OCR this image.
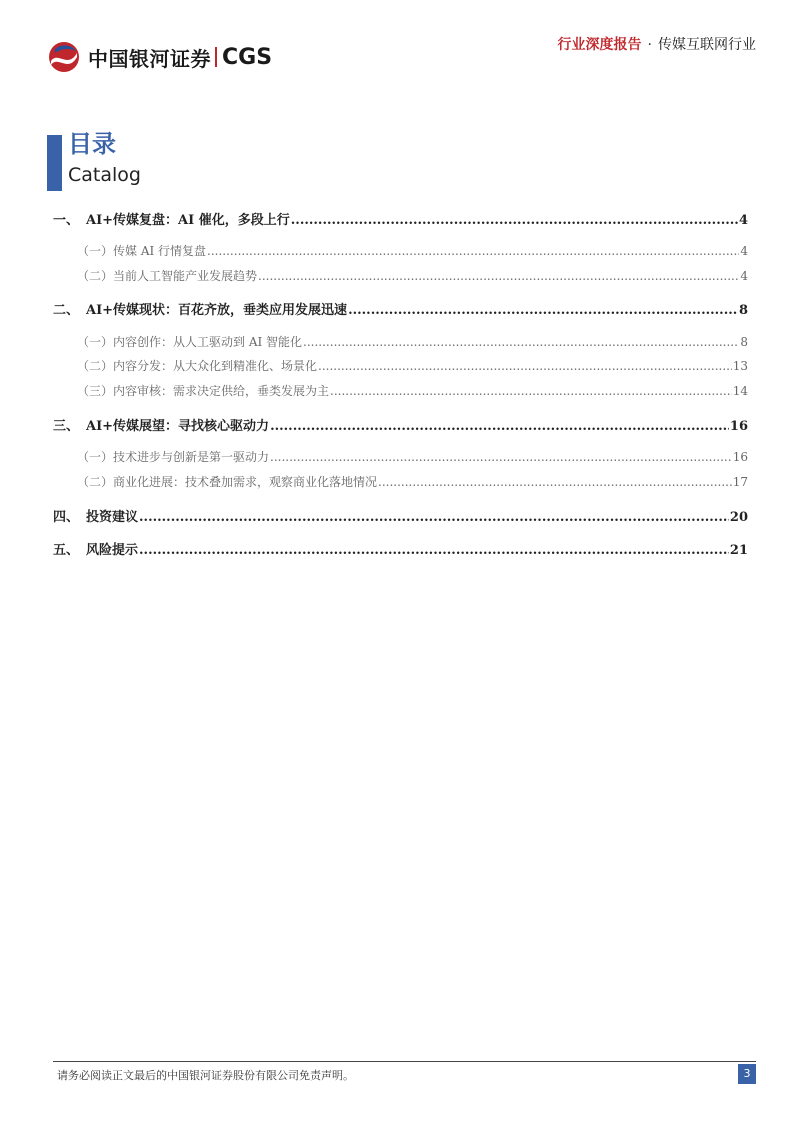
中国银河证券 CGS	行业深度报告 · 传媒互联网行业
目录
Catalog
一、 AI+传媒复盘：AI 催化，多段上行 .....	4
（一） 传媒 AI 行情复盘 .....	4
（二） 当前人工智能产业发展趋势 .....	4
二、 AI+传媒现状：百花齐放，垂类应用发展迅速 .....	8
（一） 内容创作：从人工驱动到 AI 智能化 .....	8
（二） 内容分发：从大众化到精准化、场景化 .....	13
（三） 内容审核：需求决定供给，垂类发展为主 .....	14
三、 AI+传媒展望：寻找核心驱动力 .....	16
（一） 技术进步与创新是第一驱动力 .....	16
（二） 商业化进展：技术叠加需求，观察商业化落地情况 .....	17
四、 投资建议 .....	20
五、 风险提示 .....	21
请务必阅读正文最后的中国银河证券股份有限公司免责声明。	3
